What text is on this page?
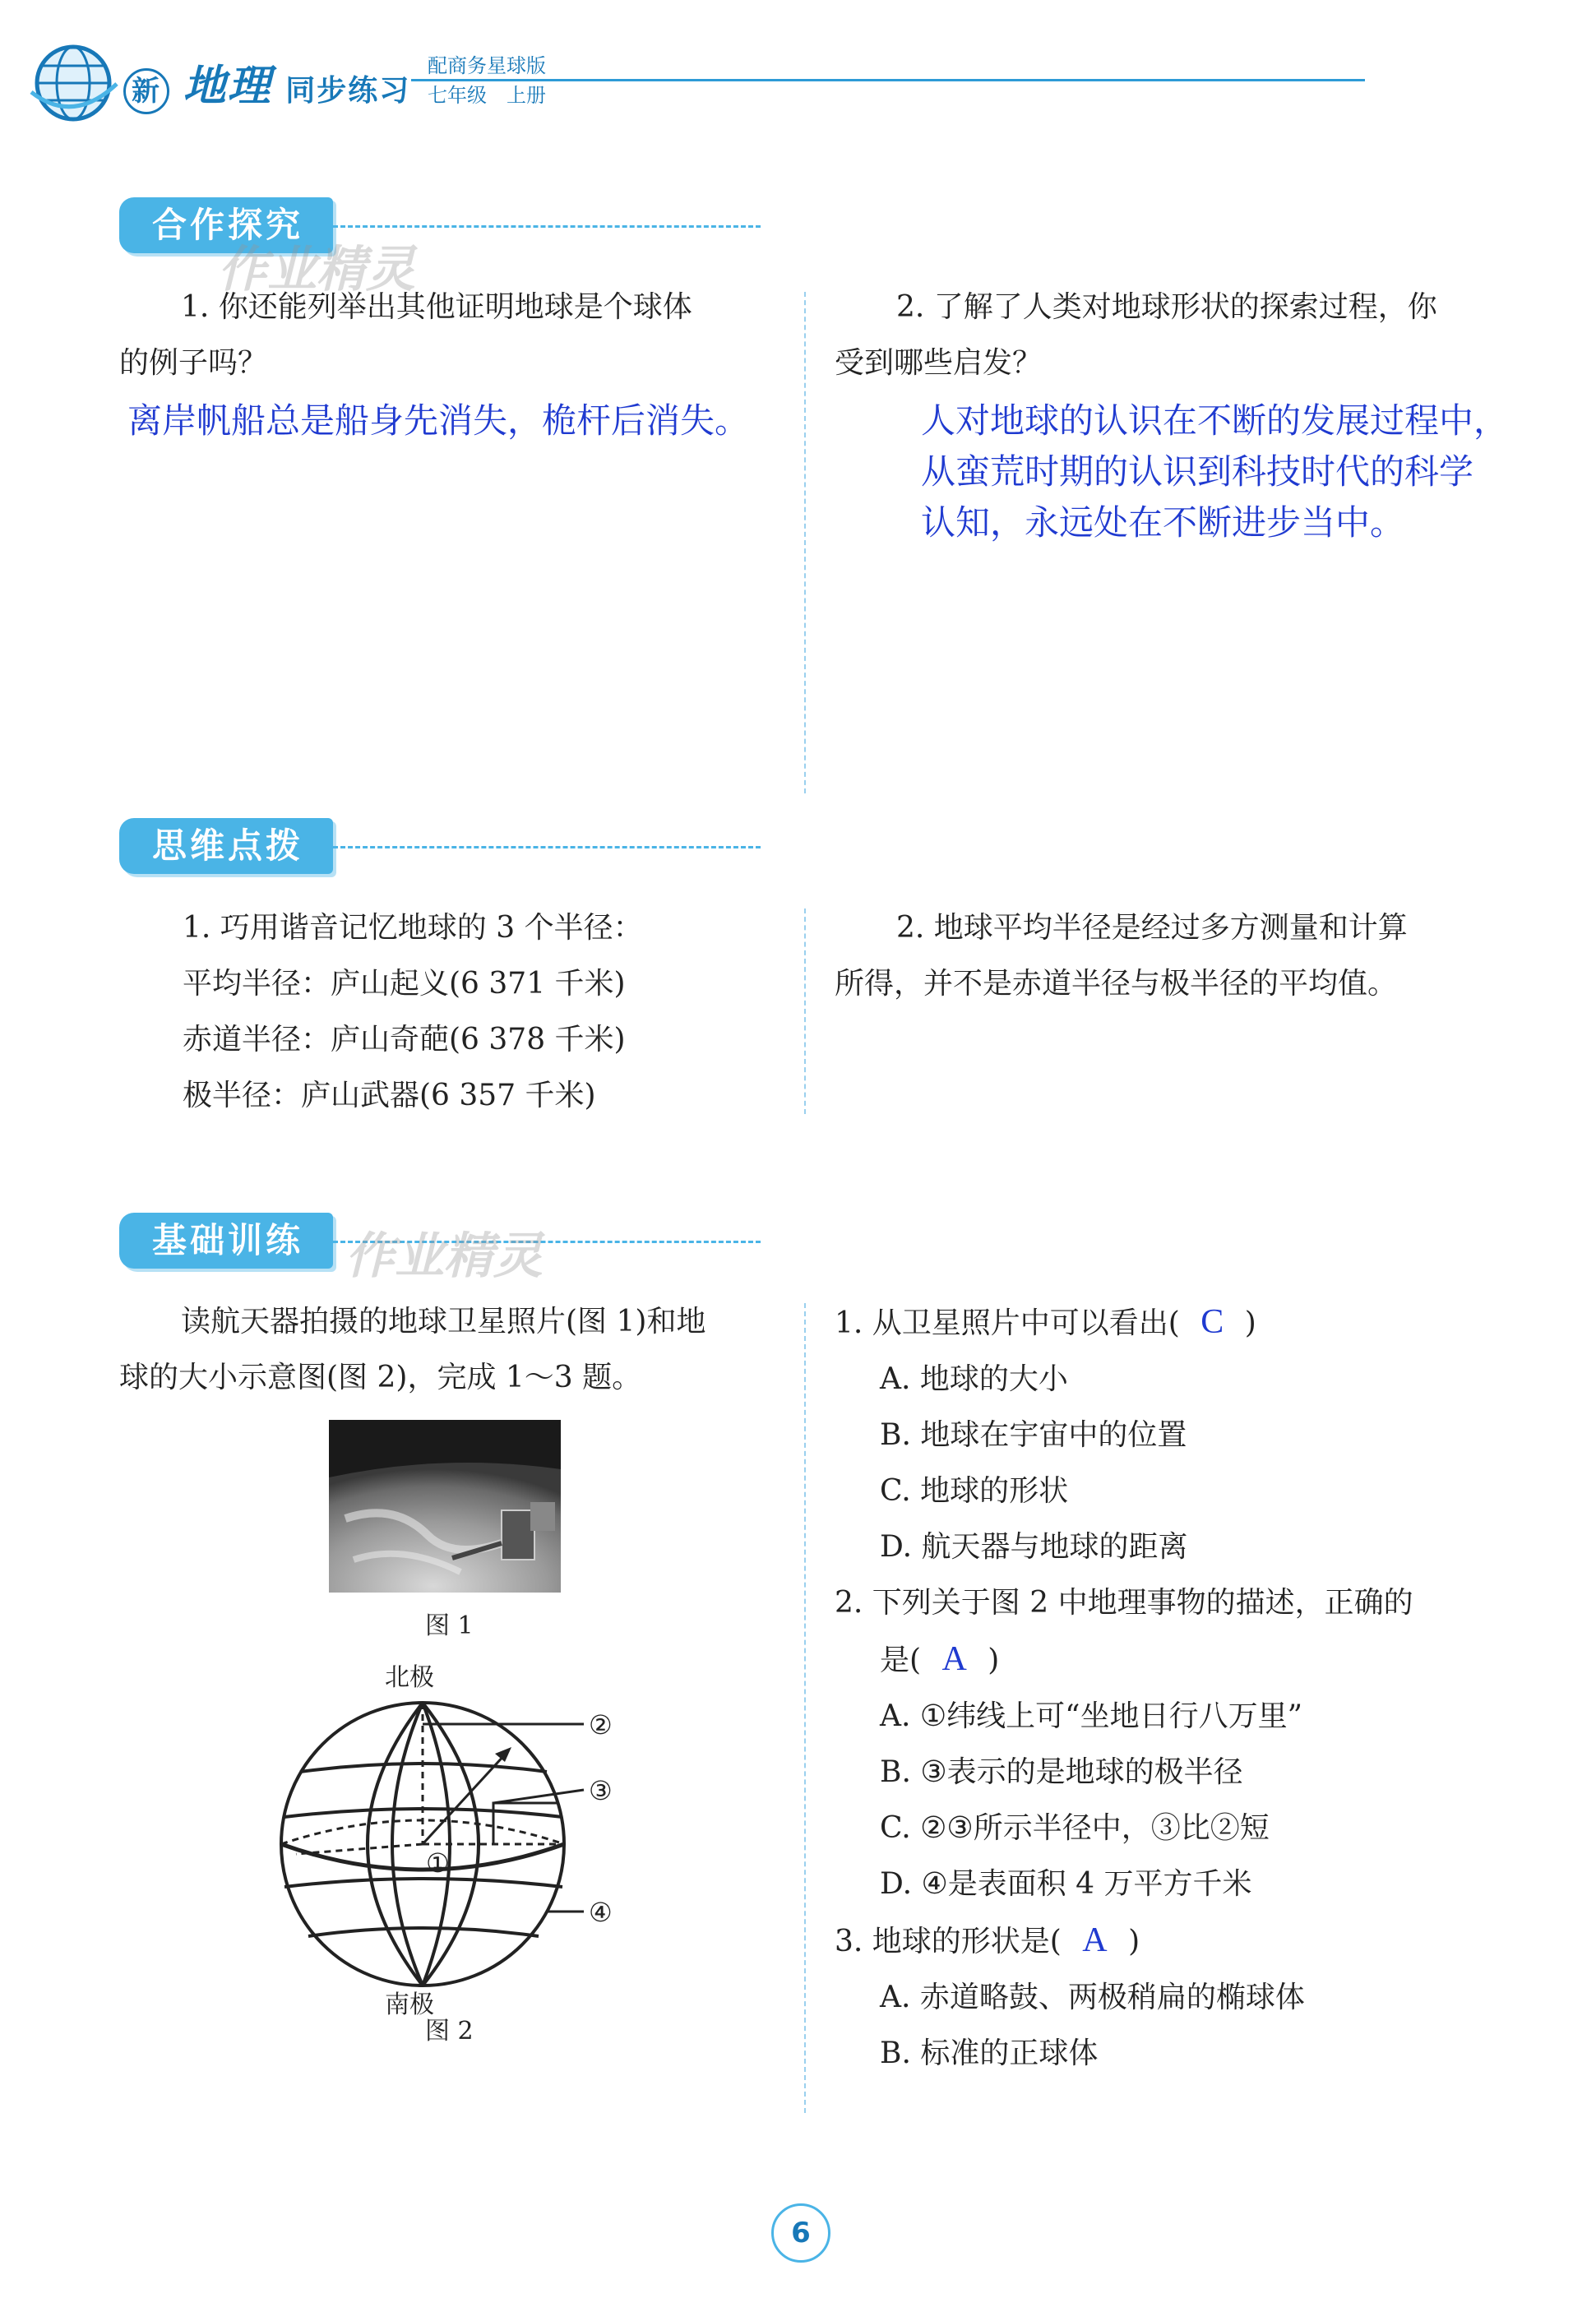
新 地理 同步练习
配商务星球版
七年级　上册
合作探究
作业精灵
1. 你还能列举出其他证明地球是个球体
的例子吗？
离岸帆船总是船身先消失，桅杆后消失。
2. 了解了人类对地球形状的探索过程，你
受到哪些启发？
人对地球的认识在不断的发展过程中，
从蛮荒时期的认识到科技时代的科学
认知，永远处在不断进步当中。
思维点拨
1. 巧用谐音记忆地球的 3 个半径：
平均半径：庐山起义(6 371 千米)
赤道半径：庐山奇葩(6 378 千米)
极半径：庐山武器(6 357 千米)
2. 地球平均半径是经过多方测量和计算
所得，并不是赤道半径与极半径的平均值。
基础训练 作业精灵
读航天器拍摄的地球卫星照片(图 1)和地
球的大小示意图(图 2)，完成 1～3 题。
图 1
北极
南极
②
③
①
④
图 2
1. 从卫星照片中可以看出( C )
A. 地球的大小
B. 地球在宇宙中的位置
C. 地球的形状
D. 航天器与地球的距离
2. 下列关于图 2 中地理事物的描述，正确的
是( A )
A. ①纬线上可“坐地日行八万里”
B. ③表示的是地球的极半径
C. ②③所示半径中，③比②短
D. ④是表面积 4 万平方千米
3. 地球的形状是( A )
A. 赤道略鼓、两极稍扁的椭球体
B. 标准的正球体
6
